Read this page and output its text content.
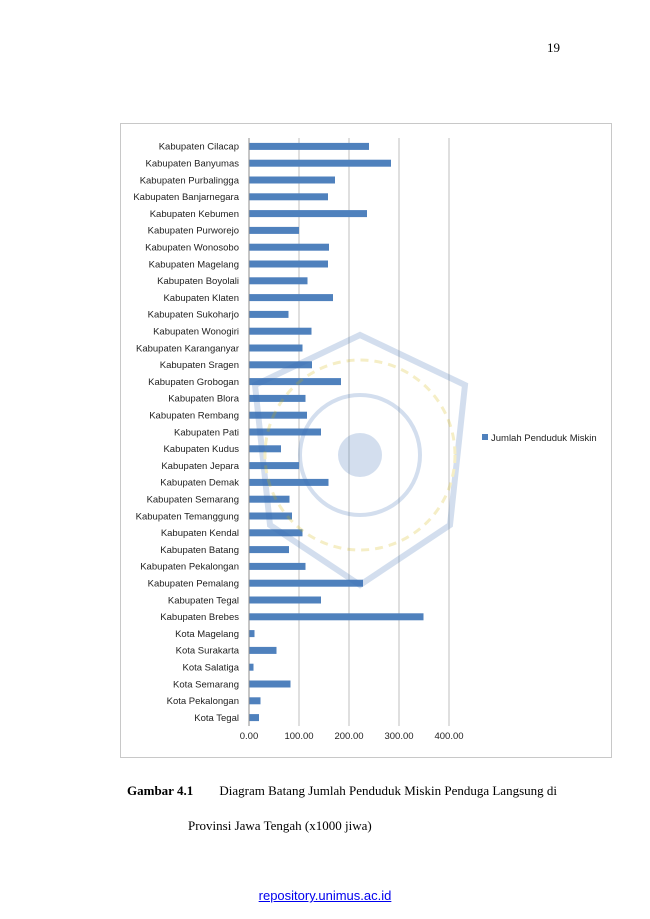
19
0.00	100.00 200.00 300.00 400.00
Kabupaten Cilacap
Kabupaten Banyumas
Kabupaten Purbalingga
Kabupaten Banjarnegara
Kabupaten Kebumen
Kabupaten Purworejo
Kabupaten Wonosobo
Kabupaten Magelang
Kabupaten Boyolali
Kabupaten Klaten
Kabupaten Sukoharjo
Kabupaten Wonogiri
Kabupaten Karanganyar
Kabupaten Sragen
Kabupaten Grobogan
Kabupaten Blora
Kabupaten Rembang
Kabupaten Pati
Kabupaten Kudus
Kabupaten Jepara
Kabupaten Demak
Kabupaten Semarang
Kabupaten Temanggung
Kabupaten Kendal
Kabupaten Batang
Kabupaten Pekalongan
Kabupaten Pemalang
Kabupaten Tegal
Kabupaten Brebes
Kota Magelang
Kota Surakarta
Kota Salatiga
Kota Semarang
Kota Pekalongan
Kota Tegal
Jumlah Penduduk Miskin
Gambar 4.1 Diagram Batang Jumlah Penduduk Miskin Penduga Langsung di
Provinsi Jawa Tengah (x1000 jiwa)
repository.unimus.ac.id
